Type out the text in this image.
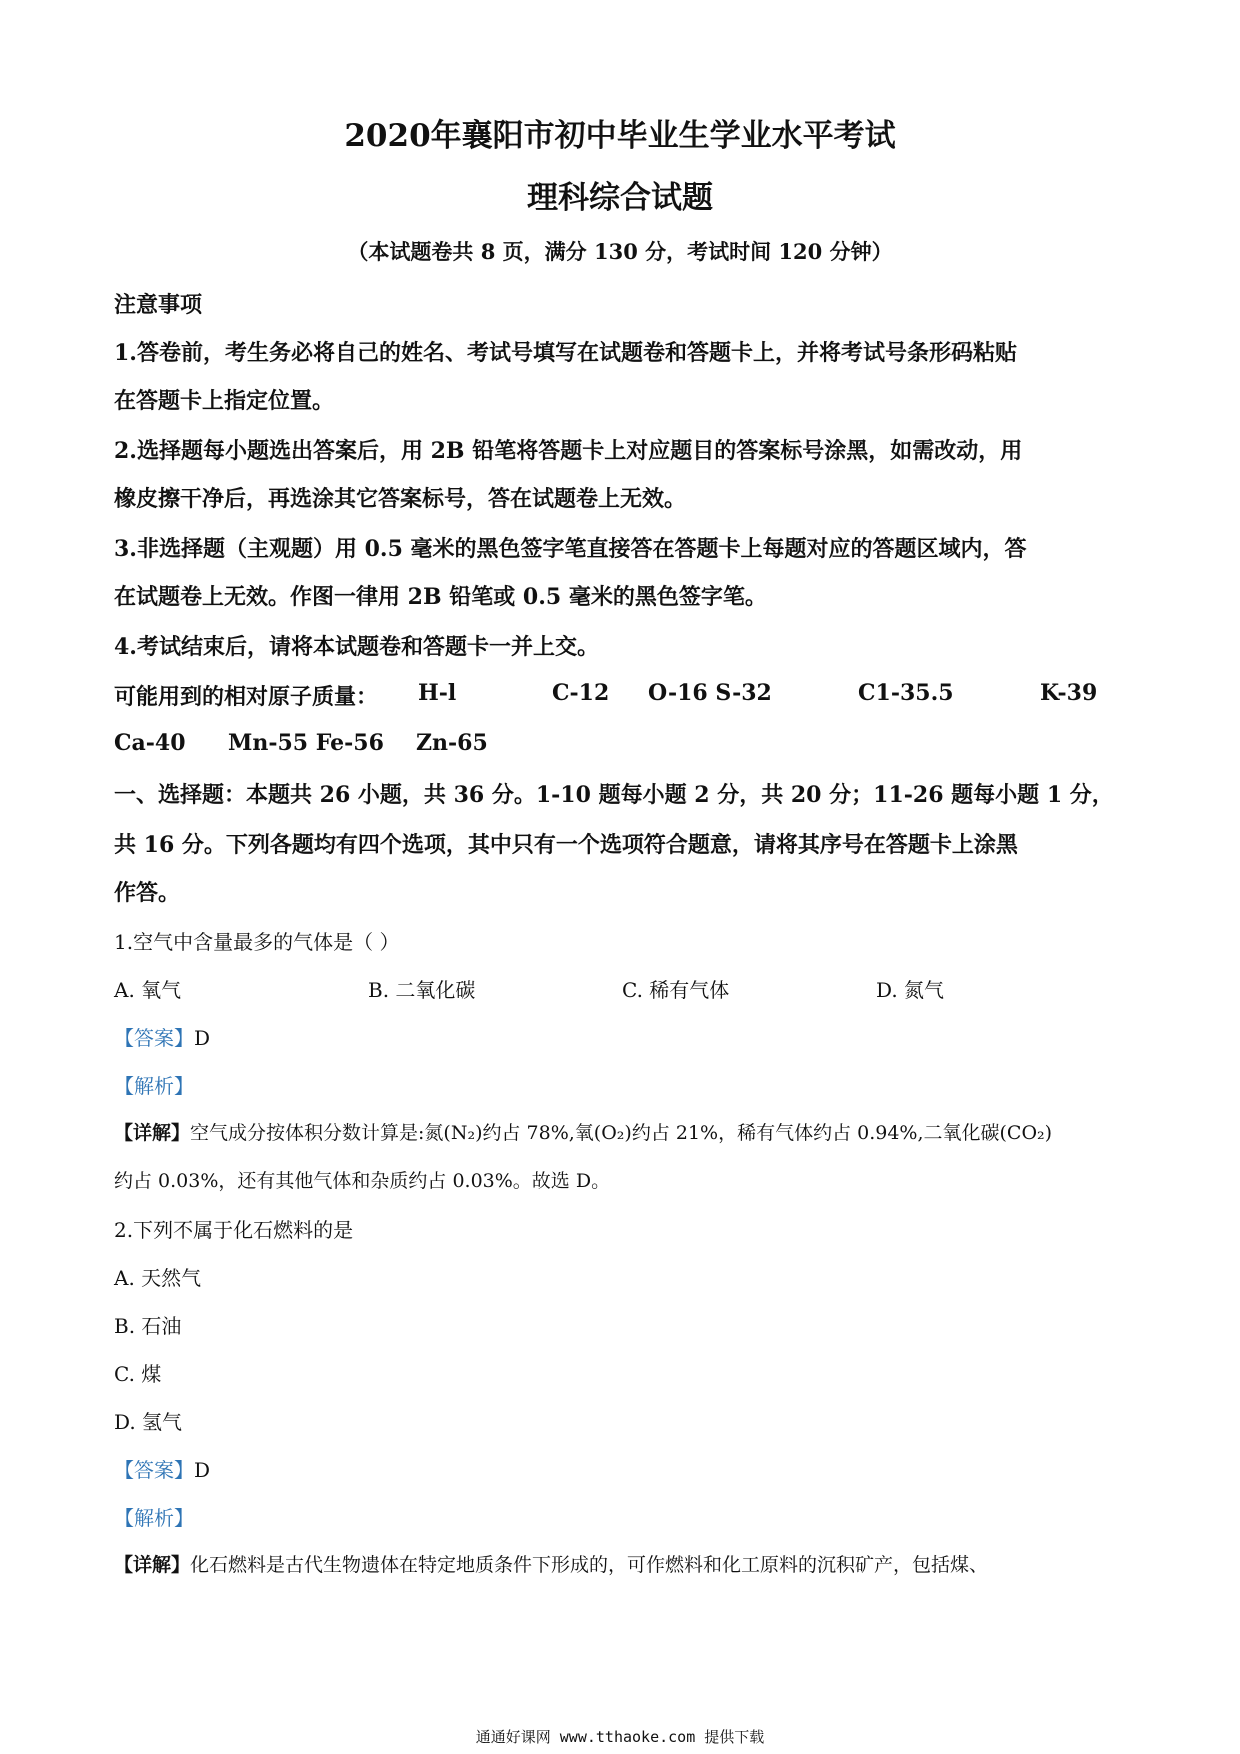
2020年襄阳市初中毕业生学业水平考试
理科综合试题
（本试题卷共 8 页，满分 130 分，考试时间 120 分钟）
注意事项
1.答卷前，考生务必将自己的姓名、考试号填写在试题卷和答题卡上，并将考试号条形码粘贴
在答题卡上指定位置。
2.选择题每小题选出答案后，用 2B 铅笔将答题卡上对应题目的答案标号涂黑，如需改动，用
橡皮擦干净后，再选涂其它答案标号，答在试题卷上无效。
3.非选择题（主观题）用 0.5 毫米的黑色签字笔直接答在答题卡上每题对应的答题区域内，答
在试题卷上无效。作图一律用 2B 铅笔或 0.5 毫米的黑色签字笔。
4.考试结束后，请将本试题卷和答题卡一并上交。
可能用到的相对原子质量： H-l	C-12 O-16 S-32	C1-35.5	K-39
Ca-40 Mn-55 Fe-56 Zn-65
一、选择题：本题共 26 小题，共 36 分。1-10 题每小题 2 分，共 20 分；11-26 题每小题 1 分，
共 16 分。下列各题均有四个选项，其中只有一个选项符合题意，请将其序号在答题卡上涂黑
作答。
1.空气中含量最多的气体是（ ）
A. 氧气	B. 二氧化碳	C. 稀有气体	D. 氮气
【答案】D
【解析】
【详解】空气成分按体积分数计算是:氮(N₂)约占 78%,氧(O₂)约占 21%，稀有气体约占 0.94%,二氧化碳(CO₂)
约占 0.03%，还有其他气体和杂质约占 0.03%。故选 D。
2.下列不属于化石燃料的是
A. 天然气
B. 石油
C. 煤
D. 氢气
【答案】D
【解析】
【详解】化石燃料是古代生物遗体在特定地质条件下形成的，可作燃料和化工原料的沉积矿产，包括煤、
通通好课网 www.tthaoke.com 提供下载
